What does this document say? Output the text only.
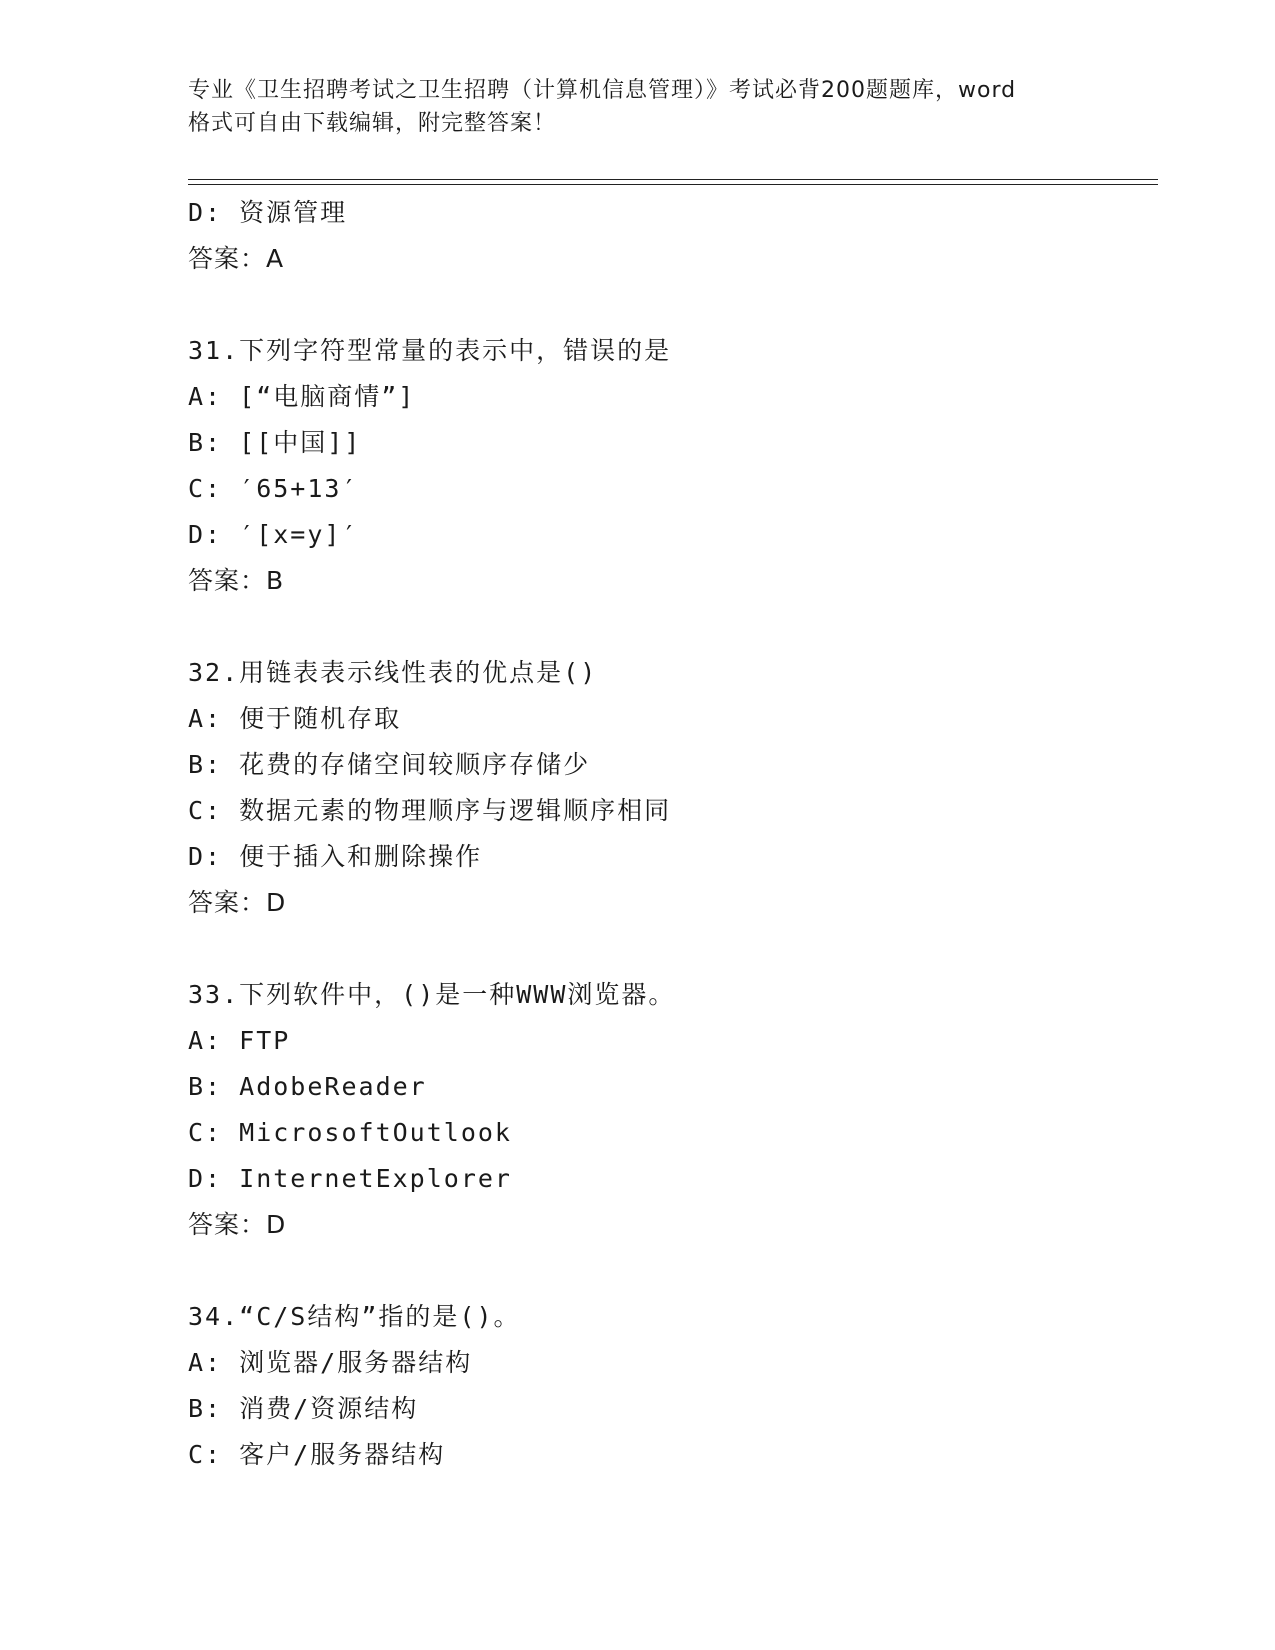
专业《卫生招聘考试之卫生招聘（计算机信息管理）》考试必背200题题库，word
格式可自由下载编辑，附完整答案！
D: 资源管理
答案：A
31.下列字符型常量的表示中，错误的是
A: [“电脑商情”]
B: [[中国]]
C: ′65+13′
D: ′[x=y]′
答案：B
32.用链表表示线性表的优点是()
A: 便于随机存取
B: 花费的存储空间较顺序存储少
C: 数据元素的物理顺序与逻辑顺序相同
D: 便于插入和删除操作
答案：D
33.下列软件中，()是一种WWW浏览器。
A: FTP
B: AdobeReader
C: MicrosoftOutlook
D: InternetExplorer
答案：D
34.“C/S结构”指的是()。
A: 浏览器/服务器结构
B: 消费/资源结构
C: 客户/服务器结构
